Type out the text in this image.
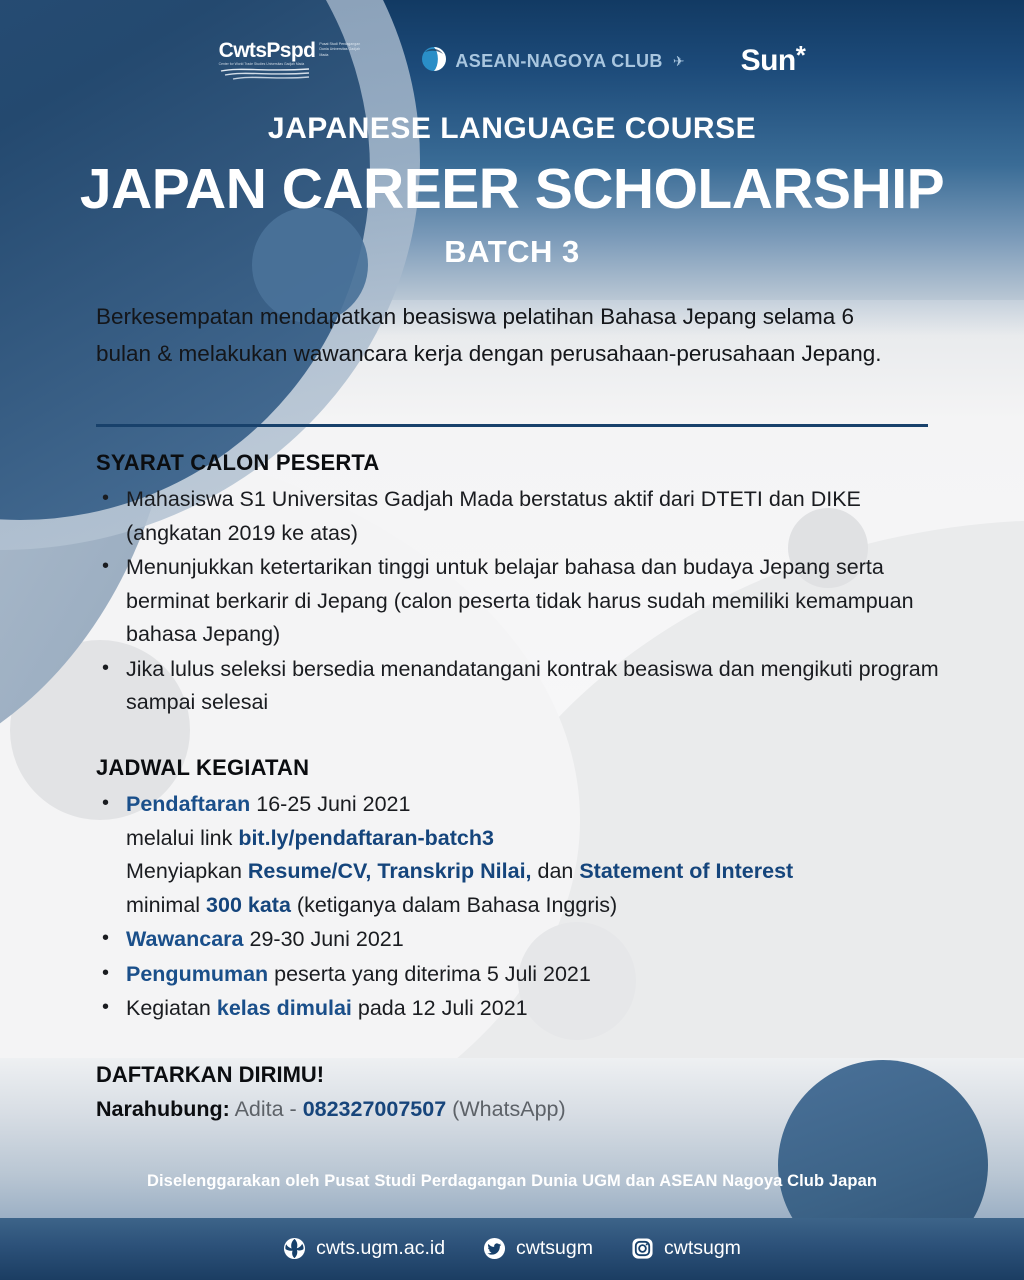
CwtsPspd Pusat Studi Perdagangan Dunia Universitas Gadjah Mada
Center for World Trade Studies Universitas Gadjah Mada	ASEAN-NAGOYA CLUB ✈ Sun *
JAPANESE LANGUAGE COURSE
JAPAN CAREER SCHOLARSHIP
BATCH 3
Berkesempatan mendapatkan beasiswa pelatihan Bahasa Jepang selama 6 bulan & melakukan wawancara kerja dengan perusahaan-perusahaan Jepang.
SYARAT CALON PESERTA
• Mahasiswa S1 Universitas Gadjah Mada berstatus aktif dari DTETI dan DIKE (angkatan 2019 ke atas)
• Menunjukkan ketertarikan tinggi untuk belajar bahasa dan budaya Jepang serta berminat berkarir di Jepang (calon peserta tidak harus sudah memiliki kemampuan bahasa Jepang)
• Jika lulus seleksi bersedia menandatangani kontrak beasiswa dan mengikuti program sampai selesai
JADWAL KEGIATAN
• Pendaftaran 16-25 Juni 2021
melalui link bit.ly/pendaftaran-batch3
Menyiapkan Resume/CV, Transkrip Nilai, dan Statement of Interest
minimal 300 kata (ketiganya dalam Bahasa Inggris)
• Wawancara 29-30 Juni 2021
• Pengumuman peserta yang diterima 5 Juli 2021
• Kegiatan kelas dimulai pada 12 Juli 2021
DAFTARKAN DIRIMU!
Narahubung: Adita - 082327007507 (WhatsApp)
Diselenggarakan oleh Pusat Studi Perdagangan Dunia UGM dan ASEAN Nagoya Club Japan
cwts.ugm.ac.id	cwtsugm	cwtsugm
